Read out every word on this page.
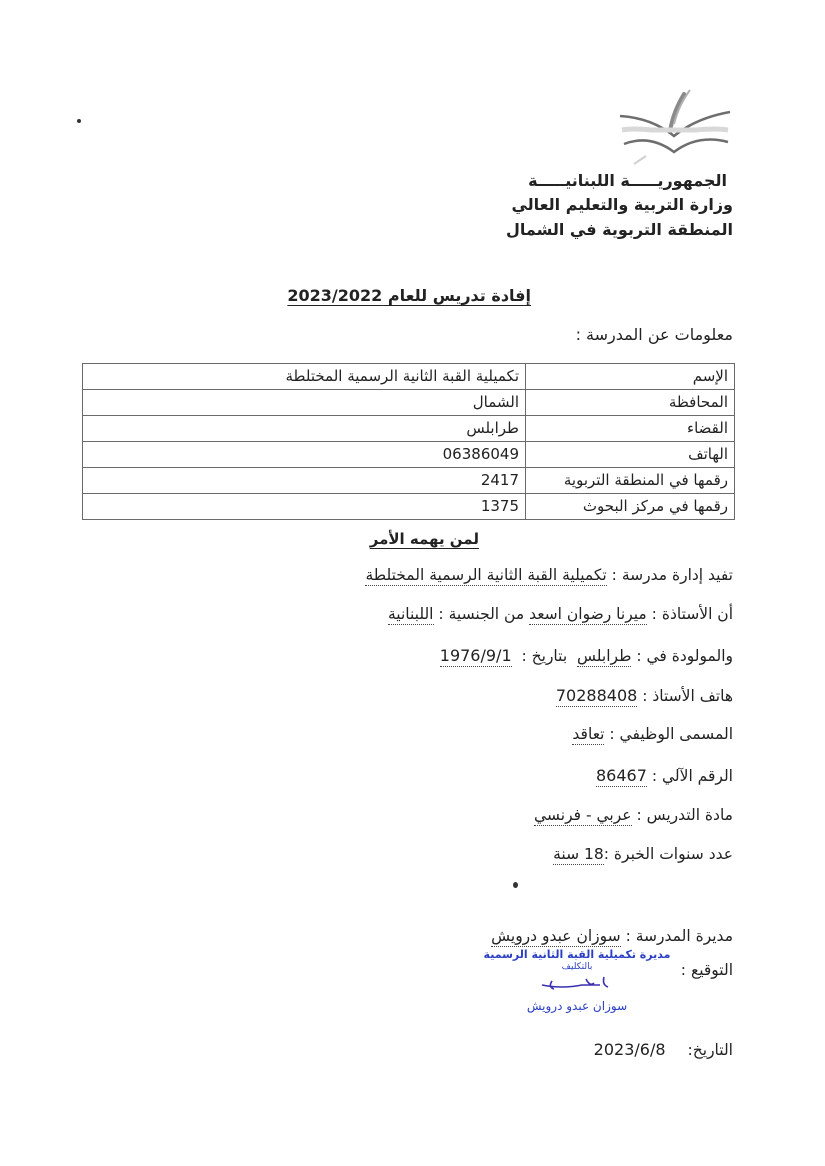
الجمهوريـــــة اللبنانيـــــة
وزارة التربية والتعليم العالي
المنطقة التربوية في الشمال
إفادة تدريس للعام 2023/2022
معلومات عن المدرسة :
الإسم	تكميلية القبة الثانية الرسمية المختلطة
المحافظة	الشمال
القضاء	طرابلس
الهاتف	06386049
رقمها في المنطقة التربوية	2417
رقمها في مركز البحوث	1375
لمن يهمه الأمر
تفيد إدارة مدرسة : تكميلية القبة الثانية الرسمية المختلطة
أن الأستاذة : ميرنا رضوان اسعد من الجنسية : اللبنانية
والمولودة في : طرابلس  بتاريخ :  1976/9/1
هاتف الأستاذ : 70288408
المسمى الوظيفي : تعاقد
الرقم الآلي : 86467
مادة التدريس : عربي - فرنسي
عدد سنوات الخبرة :18 سنة
مديرة المدرسة : سوزان عبدو درويش
التوقيع :
مديرة تكميلية القبة الثانية الرسمية
بالتكليف
سوزان عبدو درويش
التاريخ:2023/6/8
